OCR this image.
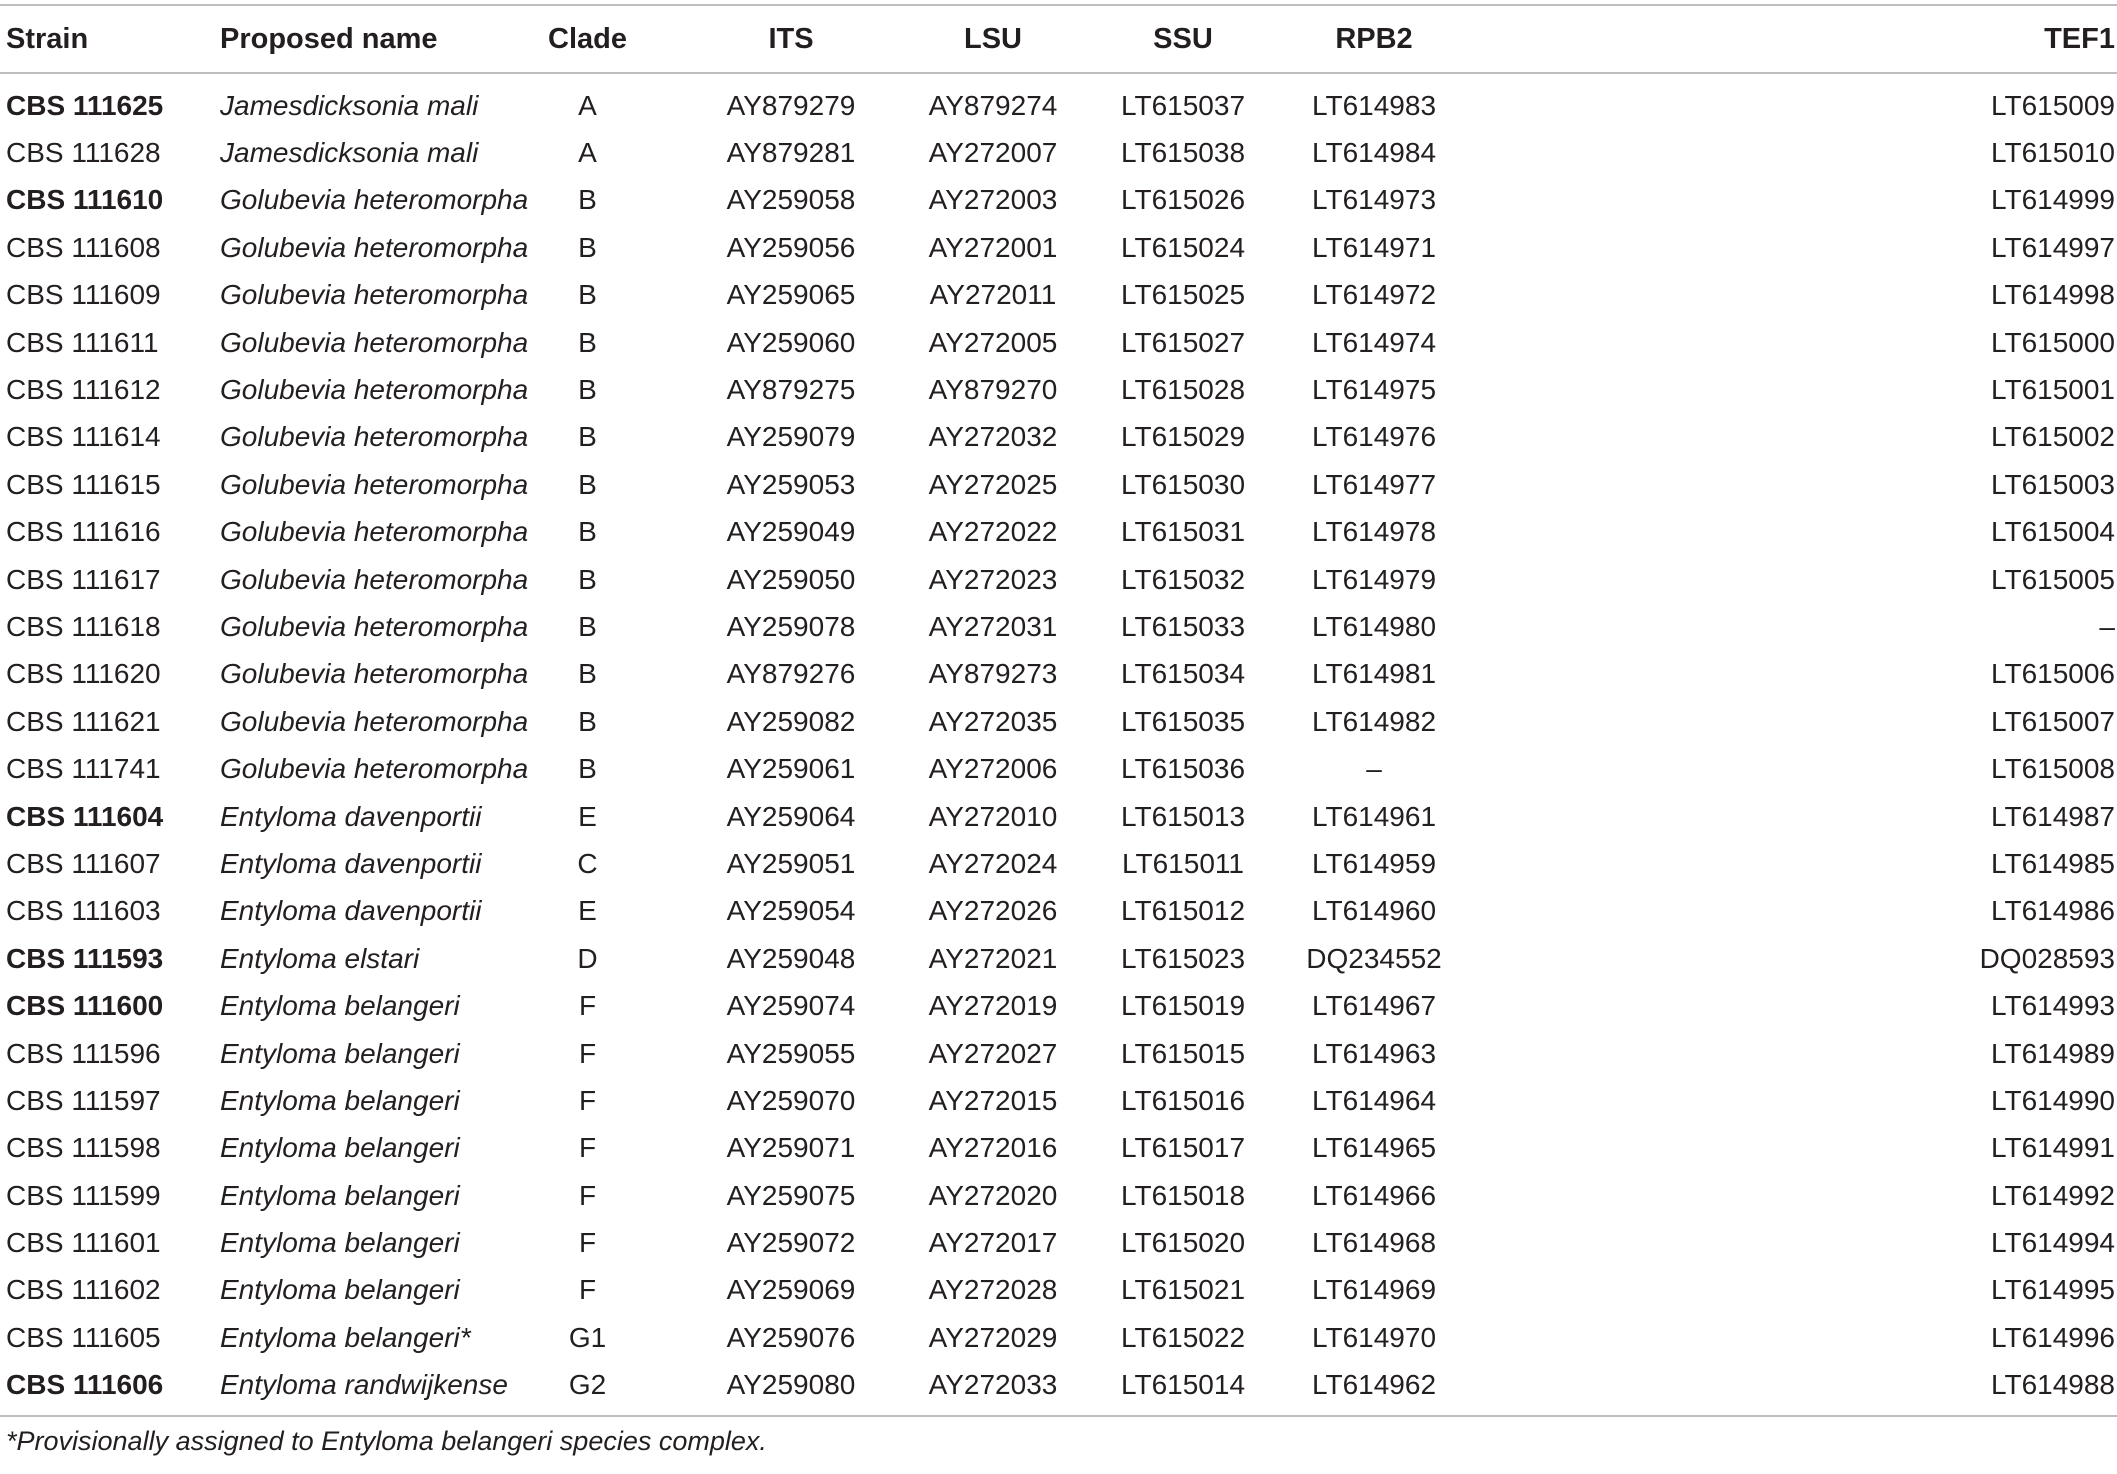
Strain	Proposed name	Clade	ITS	LSU	SSU	RPB2	TEF1
CBS 111625	Jamesdicksonia mali	A	AY879279	AY879274	LT615037	LT614983	LT615009
CBS 111628	Jamesdicksonia mali	A	AY879281	AY272007	LT615038	LT614984	LT615010
CBS 111610	Golubevia heteromorpha	B	AY259058	AY272003	LT615026	LT614973	LT614999
CBS 111608	Golubevia heteromorpha	B	AY259056	AY272001	LT615024	LT614971	LT614997
CBS 111609	Golubevia heteromorpha	B	AY259065	AY272011	LT615025	LT614972	LT614998
CBS 111611	Golubevia heteromorpha	B	AY259060	AY272005	LT615027	LT614974	LT615000
CBS 111612	Golubevia heteromorpha	B	AY879275	AY879270	LT615028	LT614975	LT615001
CBS 111614	Golubevia heteromorpha	B	AY259079	AY272032	LT615029	LT614976	LT615002
CBS 111615	Golubevia heteromorpha	B	AY259053	AY272025	LT615030	LT614977	LT615003
CBS 111616	Golubevia heteromorpha	B	AY259049	AY272022	LT615031	LT614978	LT615004
CBS 111617	Golubevia heteromorpha	B	AY259050	AY272023	LT615032	LT614979	LT615005
CBS 111618	Golubevia heteromorpha	B	AY259078	AY272031	LT615033	LT614980	–
CBS 111620	Golubevia heteromorpha	B	AY879276	AY879273	LT615034	LT614981	LT615006
CBS 111621	Golubevia heteromorpha	B	AY259082	AY272035	LT615035	LT614982	LT615007
CBS 111741	Golubevia heteromorpha	B	AY259061	AY272006	LT615036	–	LT615008
CBS 111604	Entyloma davenportii	E	AY259064	AY272010	LT615013	LT614961	LT614987
CBS 111607	Entyloma davenportii	C	AY259051	AY272024	LT615011	LT614959	LT614985
CBS 111603	Entyloma davenportii	E	AY259054	AY272026	LT615012	LT614960	LT614986
CBS 111593	Entyloma elstari	D	AY259048	AY272021	LT615023	DQ234552	DQ028593
CBS 111600	Entyloma belangeri	F	AY259074	AY272019	LT615019	LT614967	LT614993
CBS 111596	Entyloma belangeri	F	AY259055	AY272027	LT615015	LT614963	LT614989
CBS 111597	Entyloma belangeri	F	AY259070	AY272015	LT615016	LT614964	LT614990
CBS 111598	Entyloma belangeri	F	AY259071	AY272016	LT615017	LT614965	LT614991
CBS 111599	Entyloma belangeri	F	AY259075	AY272020	LT615018	LT614966	LT614992
CBS 111601	Entyloma belangeri	F	AY259072	AY272017	LT615020	LT614968	LT614994
CBS 111602	Entyloma belangeri	F	AY259069	AY272028	LT615021	LT614969	LT614995
CBS 111605	Entyloma belangeri*	G1	AY259076	AY272029	LT615022	LT614970	LT614996
CBS 111606	Entyloma randwijkense	G2	AY259080	AY272033	LT615014	LT614962	LT614988
*Provisionally assigned to Entyloma belangeri species complex.
